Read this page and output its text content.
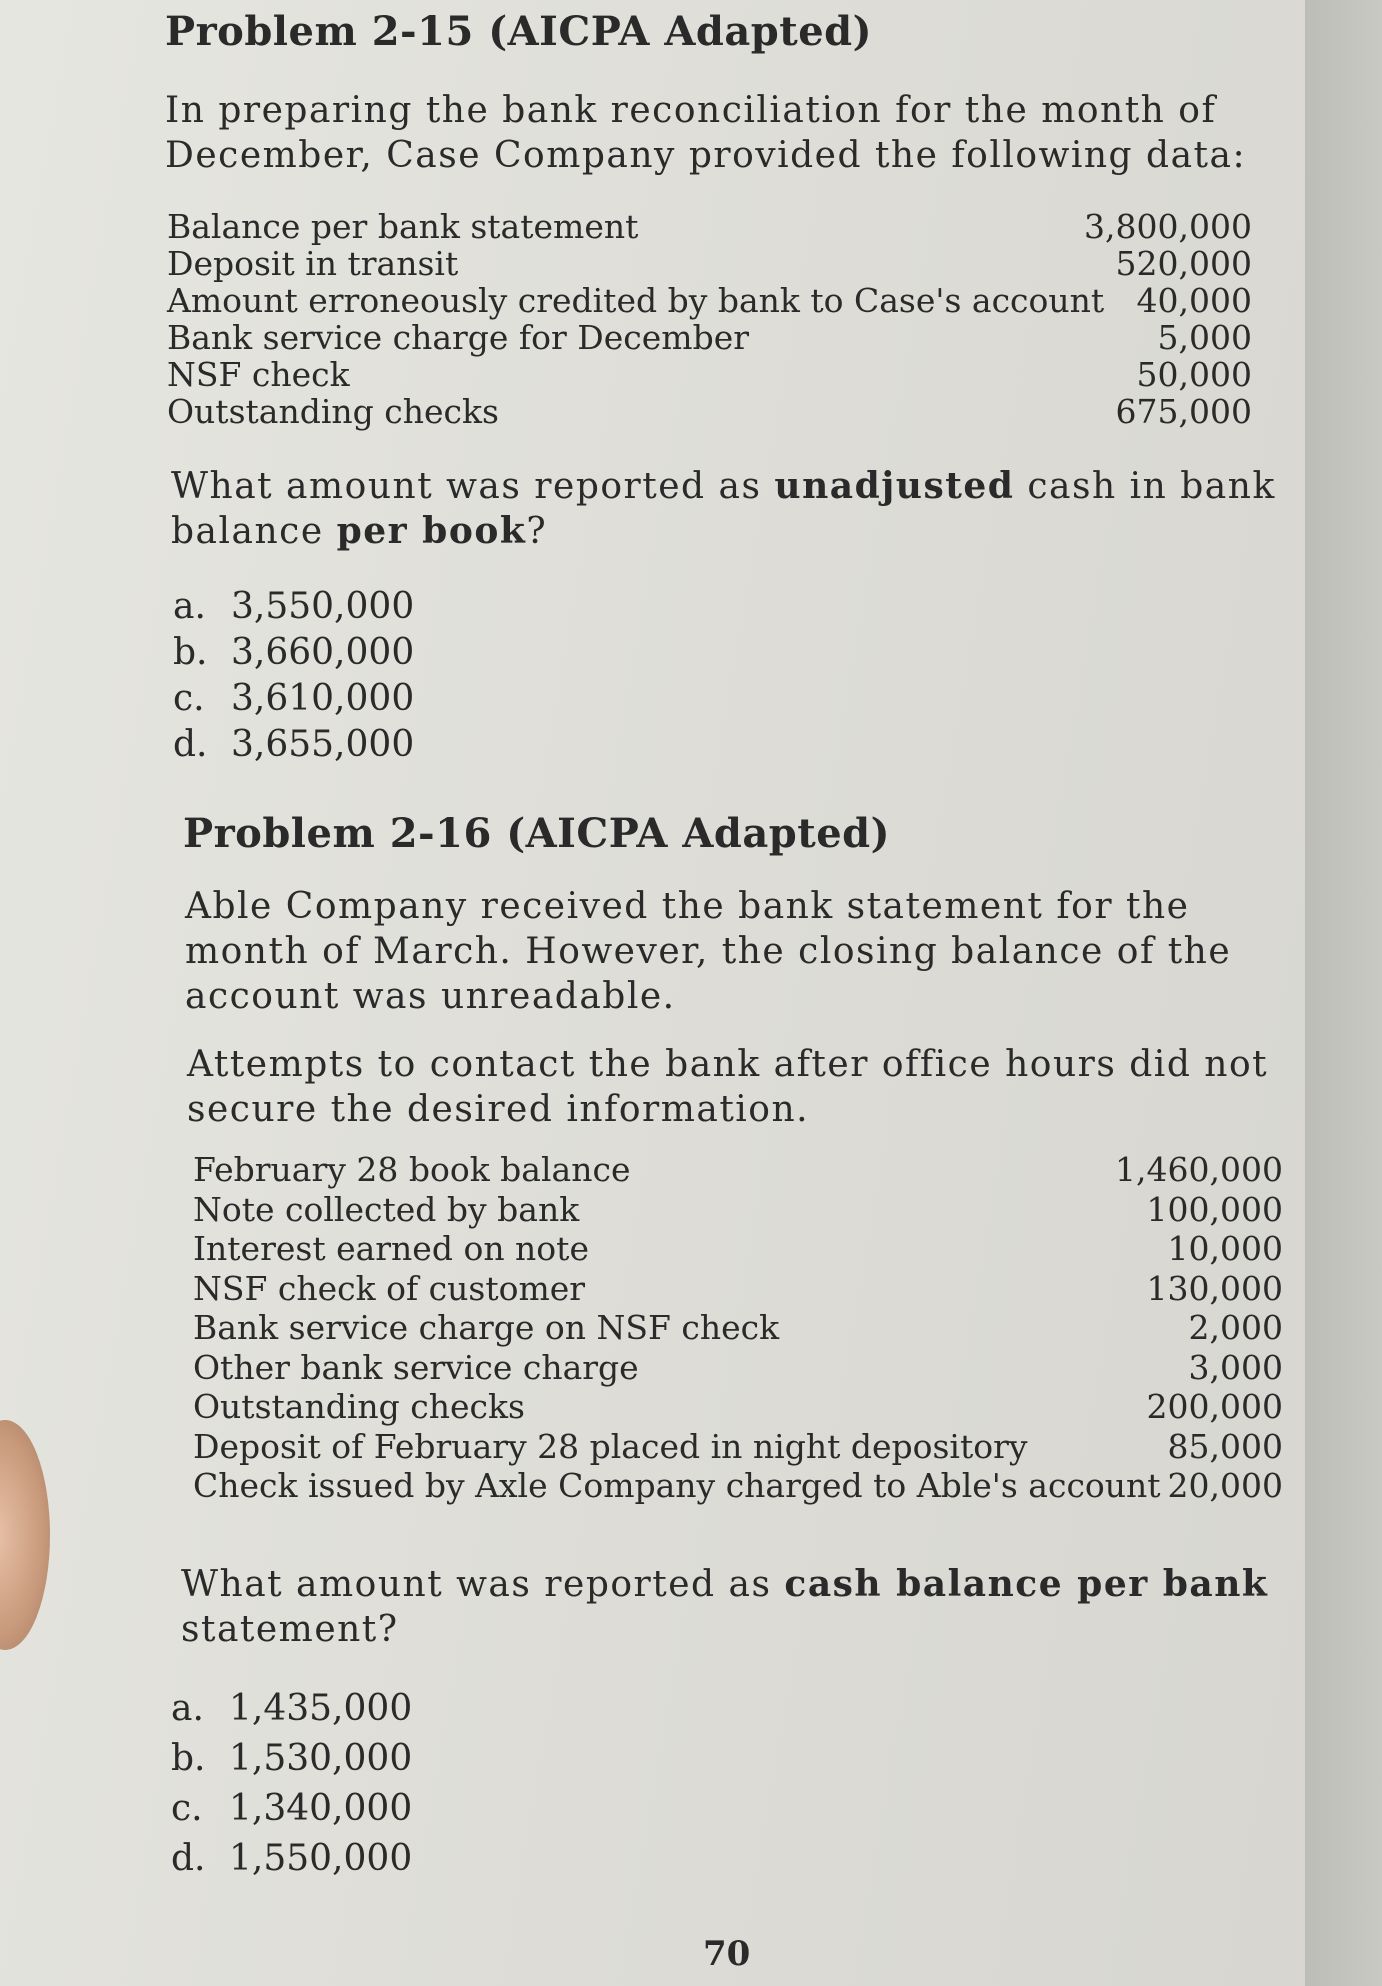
Problem 2-15 (AICPA Adapted)
In preparing the bank reconciliation for the month of December, Case Company provided the following data:
Balance per bank statement	3,800,000
Deposit in transit	520,000
Amount erroneously credited by bank to Case's account 40,000
Bank service charge for December	5,000
NSF check	50,000
Outstanding checks	675,000
What amount was reported as unadjusted cash in bank balance per book?
a. 3,550,000
b. 3,660,000
c. 3,610,000
d. 3,655,000
Problem 2-16 (AICPA Adapted)
Able Company received the bank statement for the month of March. However, the closing balance of the account was unreadable.
Attempts to contact the bank after office hours did not secure the desired information.
February 28 book balance	1,460,000
Note collected by bank	100,000
Interest earned on note	10,000
NSF check of customer	130,000
Bank service charge on NSF check	2,000
Other bank service charge	3,000
Outstanding checks	200,000
Deposit of February 28 placed in night depository	85,000
Check issued by Axle Company charged to Able's account 20,000
What amount was reported as cash balance per bank statement?
a. 1,435,000
b. 1,530,000
c. 1,340,000
d. 1,550,000
70
